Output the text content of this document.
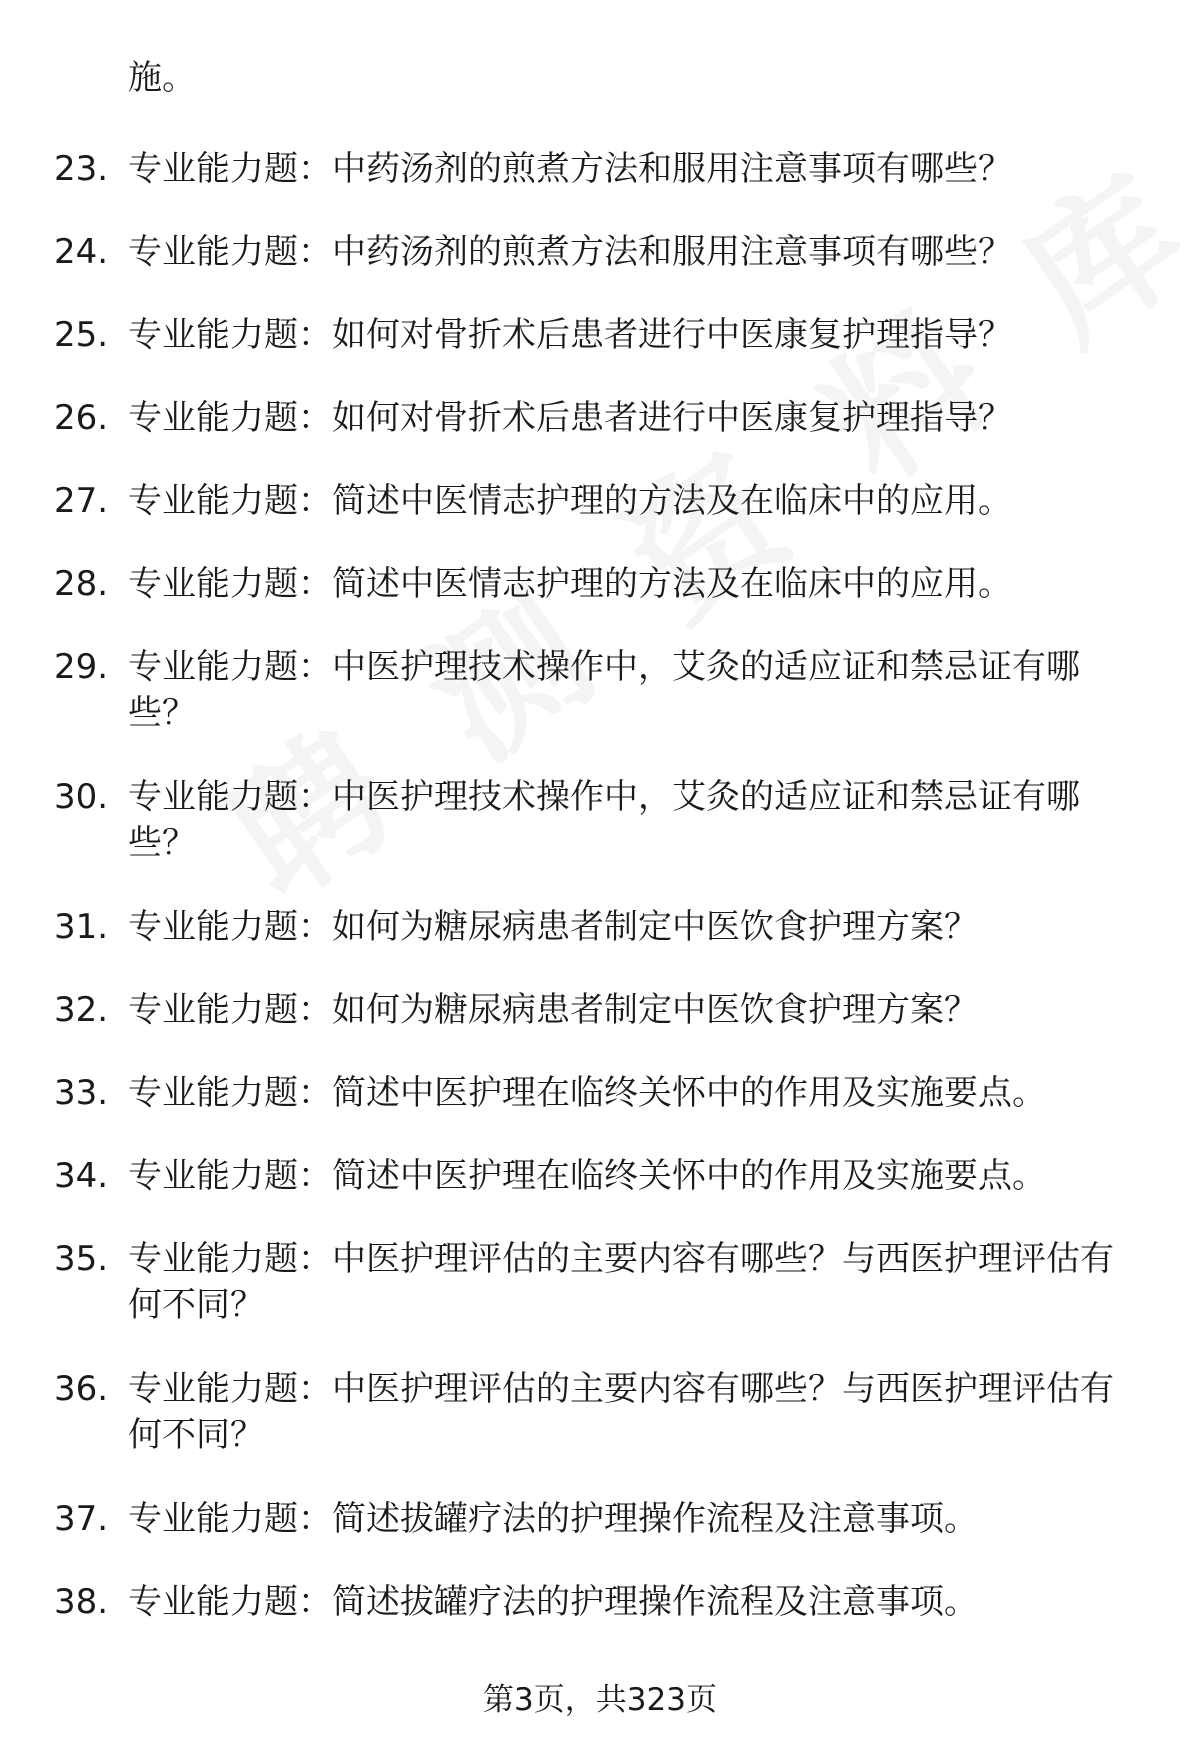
施。
23. 专业能力题：中药汤剂的煎煮方法和服用注意事项有哪些？
24. 专业能力题：中药汤剂的煎煮方法和服用注意事项有哪些？
25. 专业能力题：如何对骨折术后患者进行中医康复护理指导？
26. 专业能力题：如何对骨折术后患者进行中医康复护理指导？
27. 专业能力题：简述中医情志护理的方法及在临床中的应用。
28. 专业能力题：简述中医情志护理的方法及在临床中的应用。
29. 专业能力题：中医护理技术操作中，艾灸的适应证和禁忌证有哪些？
30. 专业能力题：中医护理技术操作中，艾灸的适应证和禁忌证有哪些？
31. 专业能力题：如何为糖尿病患者制定中医饮食护理方案？
32. 专业能力题：如何为糖尿病患者制定中医饮食护理方案？
33. 专业能力题：简述中医护理在临终关怀中的作用及实施要点。
34. 专业能力题：简述中医护理在临终关怀中的作用及实施要点。
35. 专业能力题：中医护理评估的主要内容有哪些？与西医护理评估有何不同？
36. 专业能力题：中医护理评估的主要内容有哪些？与西医护理评估有何不同？
37. 专业能力题：简述拔罐疗法的护理操作流程及注意事项。
38. 专业能力题：简述拔罐疗法的护理操作流程及注意事项。
第3页，共323页
